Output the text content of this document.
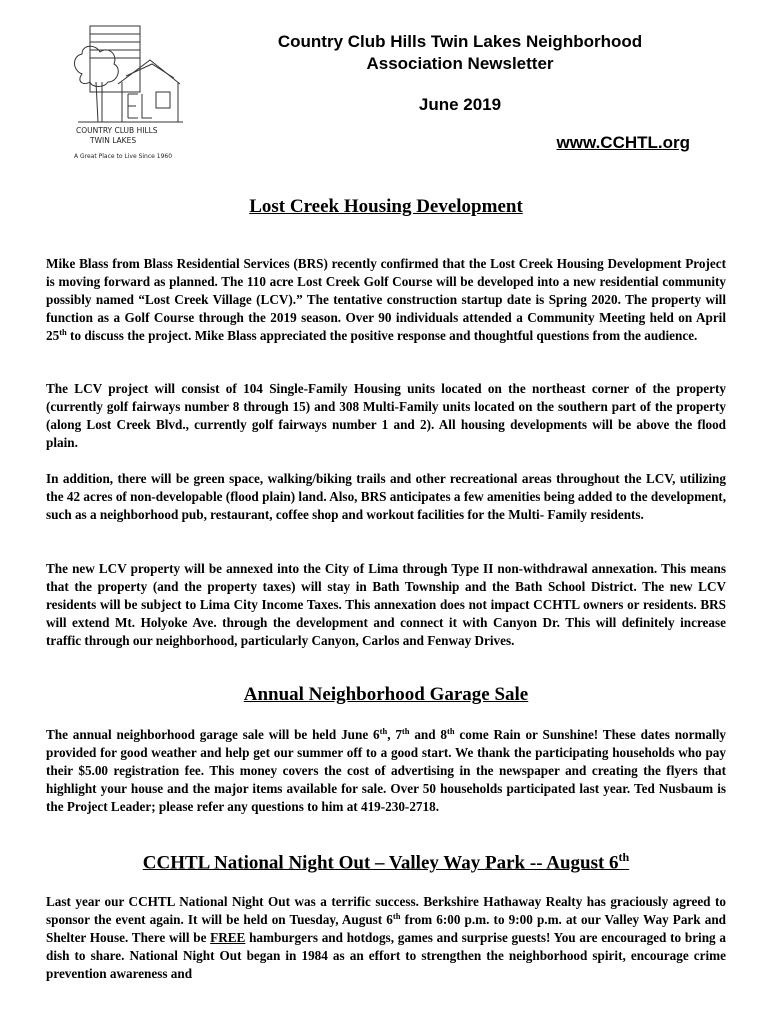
COUNTRY CLUB HILLS
TWIN LAKES
A Great Place to Live Since 1960
Country Club Hills Twin Lakes Neighborhood
Association Newsletter
June 2019
www.CCHTL.org
Lost Creek Housing Development
Mike Blass from Blass Residential Services (BRS) recently confirmed that the Lost Creek Housing Development Project is moving forward as planned. The 110 acre Lost Creek Golf Course will be developed into a new residential community possibly named “Lost Creek Village (LCV).” The tentative construction startup date is Spring 2020. The property will function as a Golf Course through the 2019 season. Over 90 individuals attended a Community Meeting held on April 25th to discuss the project. Mike Blass appreciated the positive response and thoughtful questions from the audience.
The LCV project will consist of 104 Single-Family Housing units located on the northeast corner of the property (currently golf fairways number 8 through 15) and 308 Multi-Family units located on the southern part of the property (along Lost Creek Blvd., currently golf fairways number 1 and 2). All housing developments will be above the flood plain.
In addition, there will be green space, walking/biking trails and other recreational areas throughout the LCV, utilizing the 42 acres of non-developable (flood plain) land. Also, BRS anticipates a few amenities being added to the development, such as a neighborhood pub, restaurant, coffee shop and workout facilities for the Multi- Family residents.
The new LCV property will be annexed into the City of Lima through Type II non-withdrawal annexation. This means that the property (and the property taxes) will stay in Bath Township and the Bath School District. The new LCV residents will be subject to Lima City Income Taxes. This annexation does not impact CCHTL owners or residents. BRS will extend Mt. Holyoke Ave. through the development and connect it with Canyon Dr. This will definitely increase traffic through our neighborhood, particularly Canyon, Carlos and Fenway Drives.
Annual Neighborhood Garage Sale
The annual neighborhood garage sale will be held June 6th, 7th and 8th come Rain or Sunshine! These dates normally provided for good weather and help get our summer off to a good start. We thank the participating households who pay their $5.00 registration fee. This money covers the cost of advertising in the newspaper and creating the flyers that highlight your house and the major items available for sale. Over 50 households participated last year. Ted Nusbaum is the Project Leader; please refer any questions to him at 419-230-2718.
CCHTL National Night Out – Valley Way Park -- August 6th
Last year our CCHTL National Night Out was a terrific success. Berkshire Hathaway Realty has graciously agreed to sponsor the event again. It will be held on Tuesday, August 6th from 6:00 p.m. to 9:00 p.m. at our Valley Way Park and Shelter House. There will be FREE hamburgers and hotdogs, games and surprise guests! You are encouraged to bring a dish to share. National Night Out began in 1984 as an effort to strengthen the neighborhood spirit, encourage crime prevention awareness and
